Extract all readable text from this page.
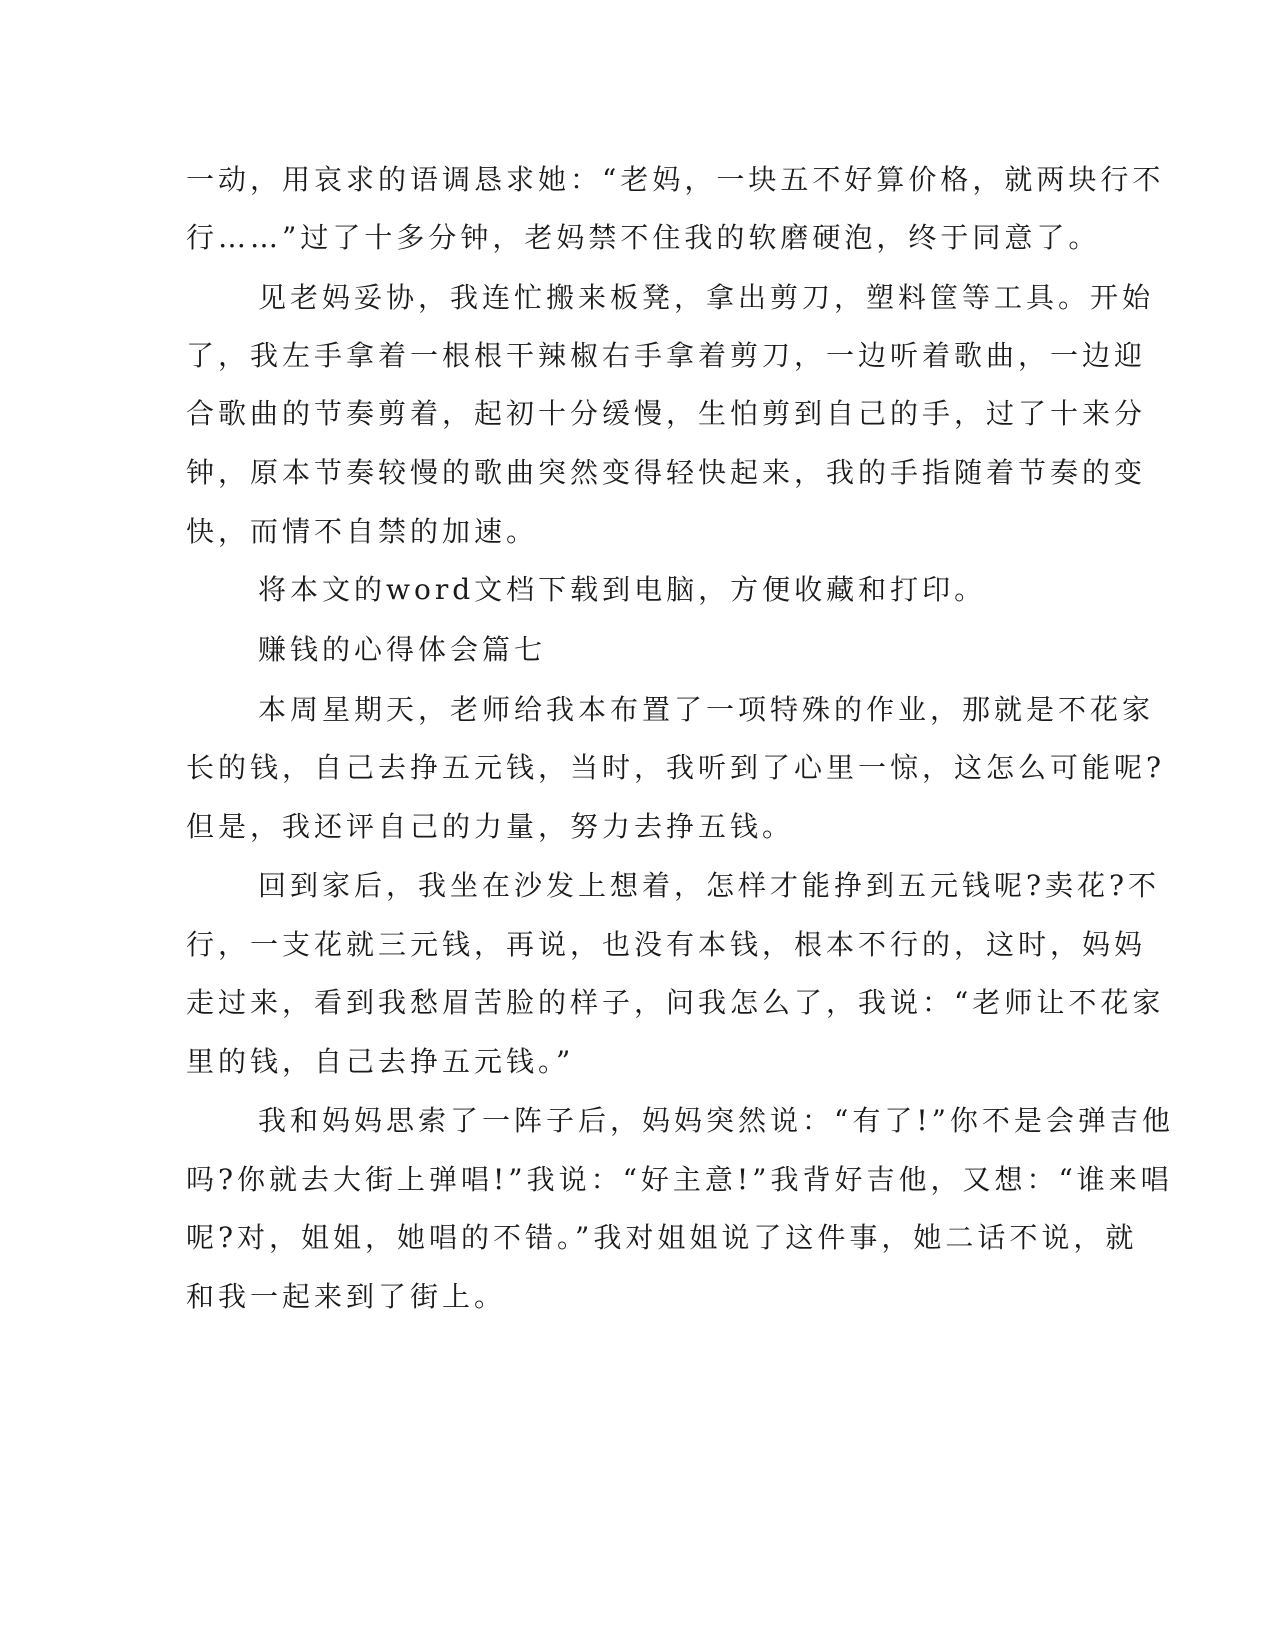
一动，用哀求的语调恳求她：“老妈，一块五不好算价格，就两块行不
行……”过了十多分钟，老妈禁不住我的软磨硬泡，终于同意了。
见老妈妥协，我连忙搬来板凳，拿出剪刀，塑料筐等工具。开始
了，我左手拿着一根根干辣椒右手拿着剪刀，一边听着歌曲，一边迎
合歌曲的节奏剪着，起初十分缓慢，生怕剪到自己的手，过了十来分
钟，原本节奏较慢的歌曲突然变得轻快起来，我的手指随着节奏的变
快，而情不自禁的加速。
将本文的word文档下载到电脑，方便收藏和打印。
赚钱的心得体会篇七
本周星期天，老师给我本布置了一项特殊的作业，那就是不花家
长的钱，自己去挣五元钱，当时，我听到了心里一惊，这怎么可能呢?
但是，我还评自己的力量，努力去挣五钱。
回到家后，我坐在沙发上想着，怎样才能挣到五元钱呢?卖花?不
行，一支花就三元钱，再说，也没有本钱，根本不行的，这时，妈妈
走过来，看到我愁眉苦脸的样子，问我怎么了，我说：“老师让不花家
里的钱，自己去挣五元钱。”
我和妈妈思索了一阵子后，妈妈突然说：“有了!”你不是会弹吉他
吗?你就去大街上弹唱!”我说：“好主意!”我背好吉他，又想：“谁来唱
呢?对，姐姐，她唱的不错。”我对姐姐说了这件事，她二话不说，就
和我一起来到了街上。
